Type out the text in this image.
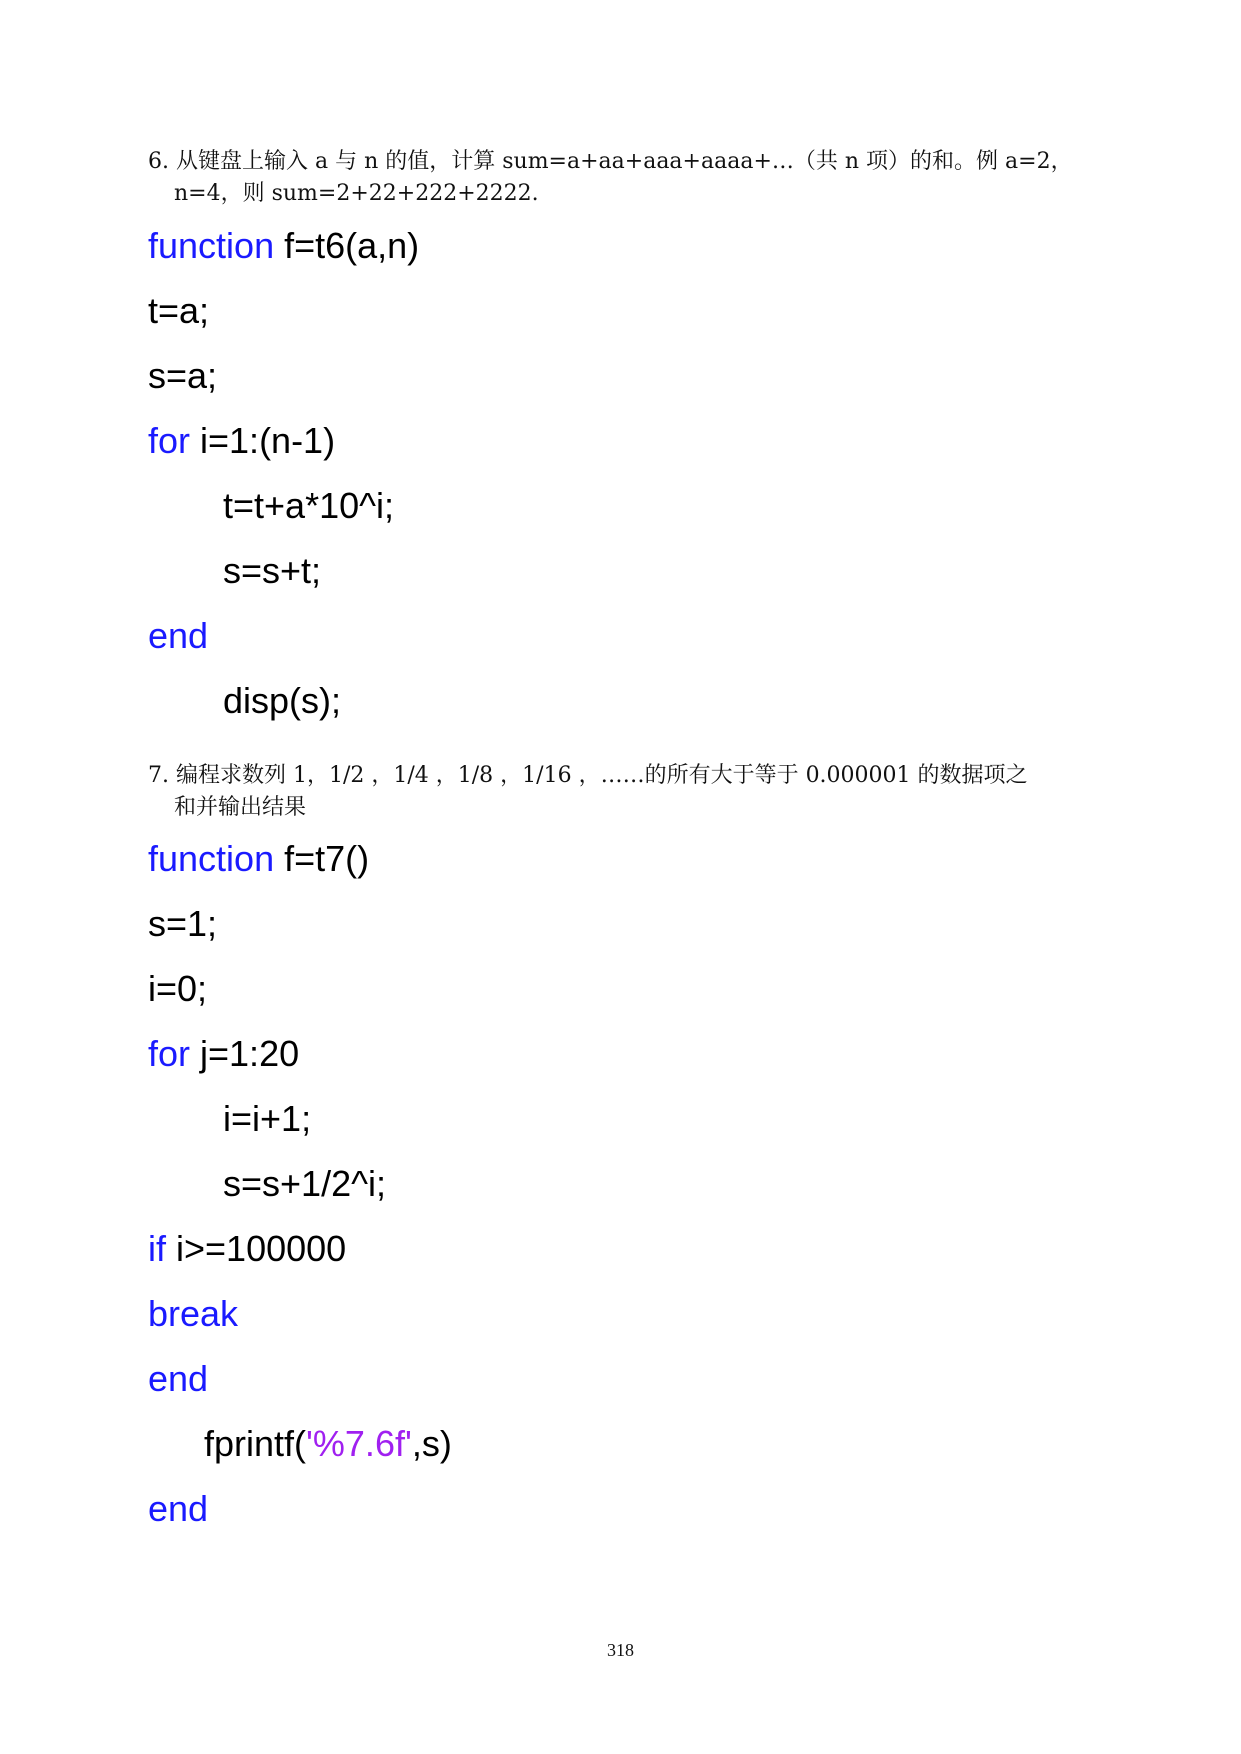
6. 从键盘上输入 a 与 n 的值，计算 sum=a+aa+aaa+aaaa+…（共 n 项）的和。例 a=2，
n=4，则 sum=2+22+222+2222.
function f=t6(a,n)
t=a;
s=a;
for i=1:(n-1)
t=t+a*10^i;
s=s+t;
end
disp(s);
7. 编程求数列 1，1/2 ，1/4 ，1/8 ，1/16 ，……的所有大于等于 0.000001 的数据项之
和并输出结果
function f=t7()
s=1;
i=0;
for j=1:20
i=i+1;
s=s+1/2^i;
if i>=100000
break
end
fprintf('%7.6f',s)
end
318
